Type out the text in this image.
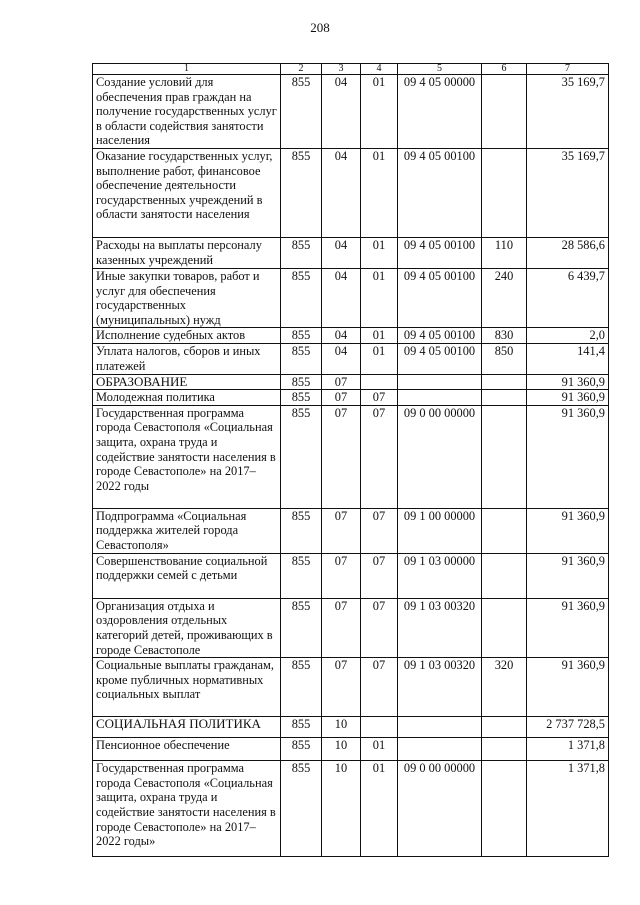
208
1	2	3	4	5	6	7
Создание условий для обеспечения прав граждан на получение государственных услуг в области содействия занятости населения	855	04	01	09 4 05 00000		35 169,7
Оказание государственных услуг, выполнение работ, финансовое обеспечение деятельности государственных учреждений в области занятости населения	855	04	01	09 4 05 00100		35 169,7
Расходы на выплаты персоналу казенных учреждений	855	04	01	09 4 05 00100	110	28 586,6
Иные закупки товаров, работ и услуг для обеспечения государственных (муниципальных) нужд	855	04	01	09 4 05 00100	240	6 439,7
Исполнение судебных актов	855	04	01	09 4 05 00100	830	2,0
Уплата налогов, сборов и иных платежей	855	04	01	09 4 05 00100	850	141,4
ОБРАЗОВАНИЕ	855	07				91 360,9
Молодежная политика	855	07	07			91 360,9
Государственная программа города Севастополя «Социальная защита, охрана труда и содействие занятости населения в городе Севастополе» на 2017–2022 годы	855	07	07	09 0 00 00000		91 360,9
Подпрограмма «Социальная поддержка жителей города Севастополя»	855	07	07	09 1 00 00000		91 360,9
Совершенствование социальной поддержки семей с детьми	855	07	07	09 1 03 00000		91 360,9
Организация отдыха и оздоровления отдельных категорий детей, проживающих в городе Севастополе	855	07	07	09 1 03 00320		91 360,9
Социальные выплаты гражданам, кроме публичных нормативных социальных выплат	855	07	07	09 1 03 00320	320	91 360,9
СОЦИАЛЬНАЯ ПОЛИТИКА	855	10				2 737 728,5
Пенсионное обеспечение	855	10	01			1 371,8
Государственная программа города Севастополя «Социальная защита, охрана труда и содействие занятости населения в городе Севастополе» на 2017–2022 годы»	855	10	01	09 0 00 00000		1 371,8
